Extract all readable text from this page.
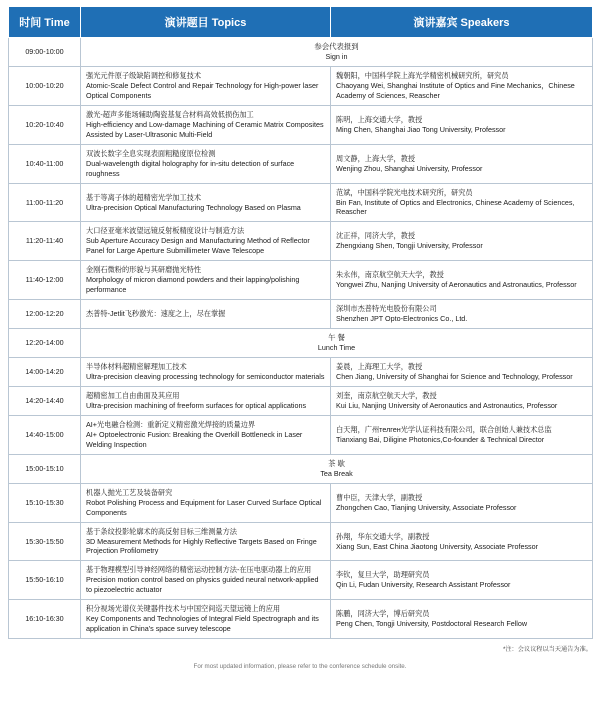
时间 Time	演讲题目 Topics	演讲嘉宾 Speakers
09:00-10:00	参会代表报到
Sign in	

10:00-10:20	强光元件原子级缺陷调控和修复技术
Atomic-Scale Defect Control and Repair Technology for High-power laser Optical Components	魏朝阳，中国科学院上海光学精密机械研究所，研究员
Chaoyang Wei, Shanghai Institute of Optics and Fine Mechanics，Chinese Academy of Sciences, Reascher

10:20-10:40	激光-超声多能场辅助陶瓷基复合材料高效低损伤加工
High-efficiency and Low-damage Machining of Ceramic Matrix Composites Assisted by Laser-Ultrasonic Multi-Field	陈明，上海交通大学，教授
Ming Chen, Shanghai Jiao Tong University, Professor

10:40-11:00	双波长数字全息实现表面粗糙度原位检测
Dual-wavelength digital holography for in-situ detection of surface roughness	周文静，上海大学，教授
Wenjing Zhou, Shanghai University, Professor

11:00-11:20	基于等离子体的超精密光学加工技术
Ultra-precision Optical Manufacturing Technology Based on Plasma	范斌，中国科学院光电技术研究所，研究员
Bin Fan, Institute of Optics and Electronics, Chinese Academy of Sciences, Reascher

11:20-11:40	大口径亚毫米波望远镜反射板精度设计与制造方法
Sub Aperture Accuracy Design and Manufacturing Method of Reflector Panel for Large Aperture Submillimeter Wave Telescope	沈正祥，同济大学，教授
Zhengxiang Shen, Tongji University, Professor

11:40-12:00	金刚石微粉的形貌与其研磨抛光特性
Morphology of micron diamond powders and their lapping/polishing performance	朱永伟，南京航空航天大学，教授
Yongwei Zhu, Nanjing University of Aeronautics and Astronautics, Professor

12:00-12:20	杰普特-Jetlit飞秒激光：速度之上，尽在掌握	深圳市杰普特光电股份有限公司
Shenzhen JPT Opto-Electronics Co., Ltd.

12:20-14:00	午 餐
Lunch Time	

14:00-14:20	半导体材料超精密解理加工技术
Ultra-precision cleaving processing technology for semiconductor materials	姜晨，上海理工大学，教授
Chen Jiang, University of Shanghai for Science and Technology, Professor

14:20-14:40	超精密加工自由曲面及其应用
Ultra-precision machining of freeform surfaces for optical applications	刘奎，南京航空航天大学，教授
Kui Liu, Nanjing University of Aeronautics and Astronautics, Professor

14:40-15:00	AI+光电融合检测：重新定义精密激光焊接的质量边界
AI+ Optoelectronic Fusion: Breaking the Overkill Bottleneck in Laser Welding Inspection	白天翔，广州телген光学认证科技有限公司，联合创始人兼技术总监
Tianxiang Bai, Diligine Photonics,Co-founder & Technical Director

15:00-15:10	茶 歇
Tea Break	

15:10-15:30	机器人抛光工艺及装备研究
Robot Polishing Process and Equipment for Laser Curved Surface Optical Components	曹中臣，天津大学，副教授
Zhongchen Cao, Tianjing University, Associate Professor

15:30-15:50	基于条纹投影轮廓术的高反射目标三维测量方法
3D Measurement Methods for Highly Reflective Targets Based on Fringe Projection Profilometry	孙翔，华东交通大学，副教授
Xiang Sun, East China Jiaotong University, Associate Professor

15:50-16:10	基于物理模型引导神经网络的精密运动控制方法-在压电驱动器上的应用
Precision motion control based on physics guided neural network-applied to piezoelectric actuator	李钦，复旦大学，助理研究员
Qin Li, Fudan University, Research Assistant Professor

16:10-16:30	积分视场光谱仪关键器件技术与中国空间巡天望远镜上的应用
Key Components and Technologies of Integral Field Spectrograph and its application in China's space survey telescope	陈鹏，同济大学，博后研究员
Peng Chen, Tongji University, Postdoctoral Research Fellow
*注：会议议程以当天通告为准。
For most updated information, please refer to the conference schedule onsite.
